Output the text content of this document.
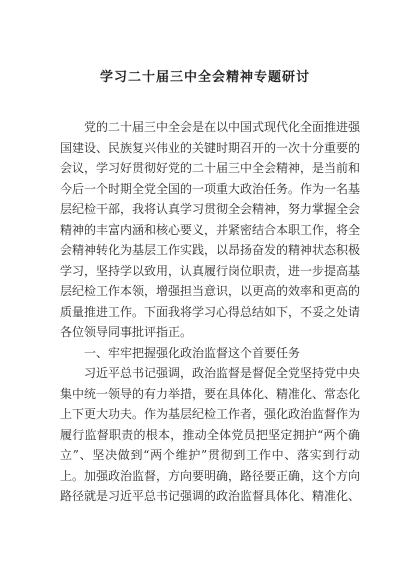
学习二十届三中全会精神专题研讨
党的二十届三中全会是在以中国式现代化全面推进强
国建设、民族复兴伟业的关键时期召开的一次十分重要的
会议，学习好贯彻好党的二十届三中全会精神，是当前和
今后一个时期全党全国的一项重大政治任务。作为一名基
层纪检干部，我将认真学习贯彻全会精神，努力掌握全会
精神的丰富内涵和核心要义，并紧密结合本职工作，将全
会精神转化为基层工作实践，以昂扬奋发的精神状态积极
学习，坚持学以致用，认真履行岗位职责，进一步提高基
层纪检工作本领，增强担当意识，以更高的效率和更高的
质量推进工作。下面我将学习心得总结如下，不妥之处请
各位领导同事批评指正。
一、牢牢把握强化政治监督这个首要任务
习近平总书记强调，政治监督是督促全党坚持党中央
集中统一领导的有力举措，要在具体化、精准化、常态化
上下更大功夫。作为基层纪检工作者，强化政治监督作为
履行监督职责的根本，推动全体党员把坚定拥护“两个确
立”、坚决做到“两个维护”贯彻到工作中、落实到行动
上。加强政治监督，方向要明确，路径要正确，这个方向
路径就是习近平总书记强调的政治监督具体化、精准化、
